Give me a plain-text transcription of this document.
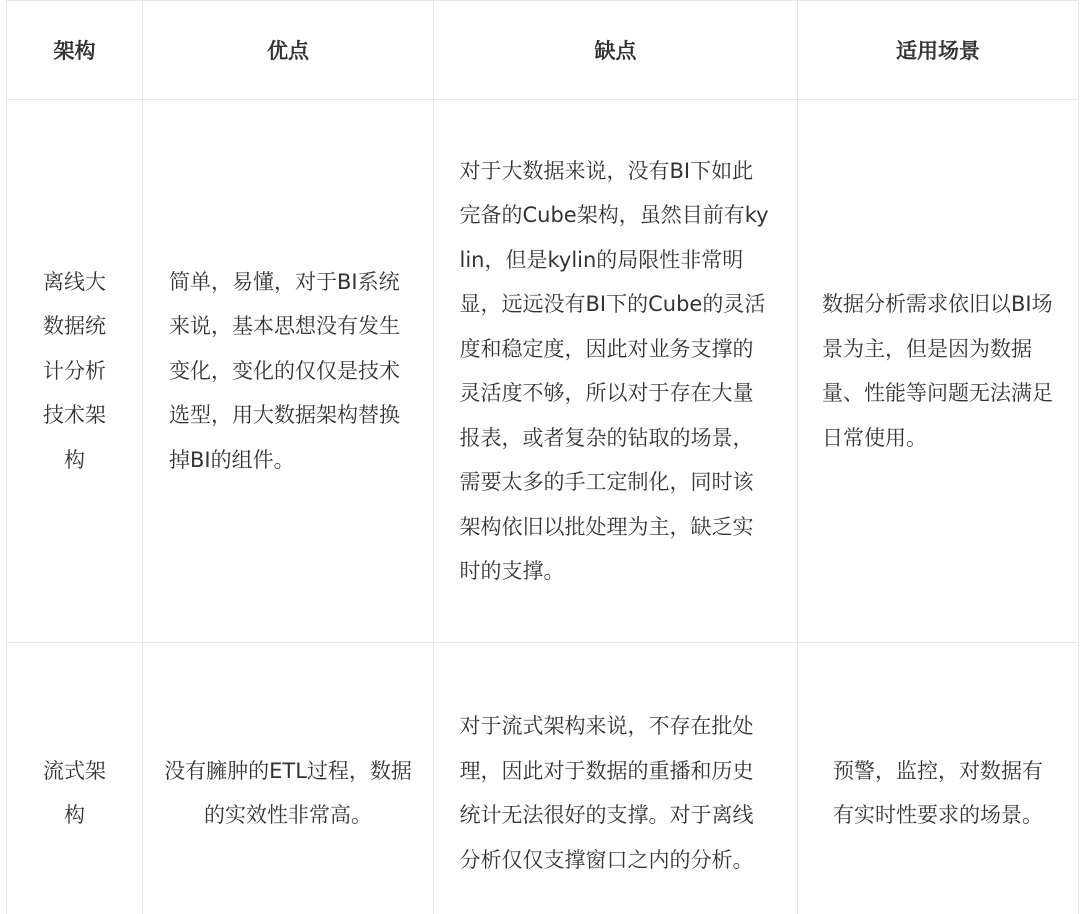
架构	优点	缺点	适用场景

离线大数据统计分析技术架构	简单，易懂，对于BI系统来说，基本思想没有发生变化，变化的仅仅是技术选型，用大数据架构替换掉BI的组件。	对于大数据来说，没有BI下如此完备的Cube架构，虽然目前有kylin，但是kylin的局限性非常明显，远远没有BI下的Cube的灵活度和稳定度，因此对业务支撑的灵活度不够，所以对于存在大量报表，或者复杂的钻取的场景，需要太多的手工定制化，同时该架构依旧以批处理为主，缺乏实时的支撑。	数据分析需求依旧以BI场景为主，但是因为数据量、性能等问题无法满足日常使用。

流式架构	没有臃肿的ETL过程，数据的实效性非常高。	对于流式架构来说，不存在批处理，因此对于数据的重播和历史统计无法很好的支撑。对于离线分析仅仅支撑窗口之内的分析。	预警，监控，对数据有有实时性要求的场景。
